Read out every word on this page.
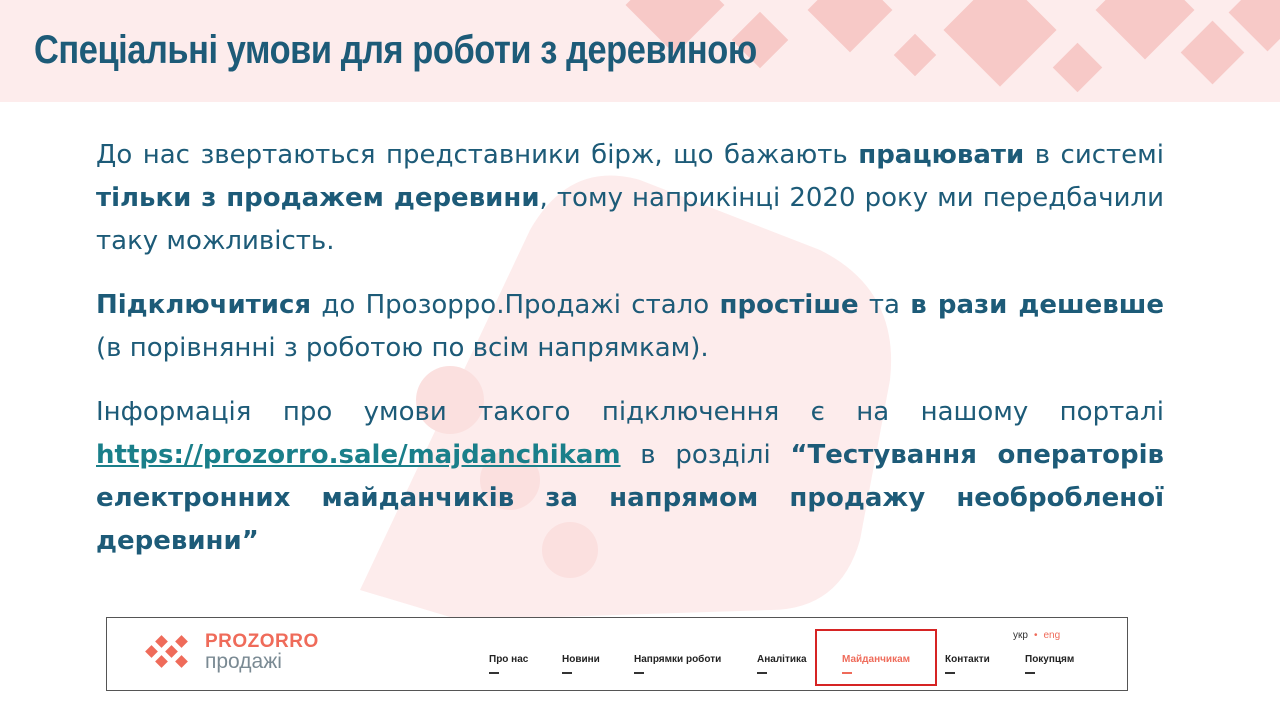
Спеціальні умови для роботи з деревиною

До нас звертаються представники бірж, що бажають працювати в системі тільки з продажем деревини, тому наприкінці 2020 року ми передбачили таку можливість.

Підключитися до Прозорро.Продажі стало простіше та в рази дешевше (в порівнянні з роботою по всім напрямкам).

Інформація про умови такого підключення є на нашому порталі https://prozorro.sale/majdanchikam в розділі “Тестування операторів електронних майданчиків за напрямом продажу необробленої деревини”

PROZORRO
продажі
укр • eng
Про нас	Новини	Напрямки роботи	Аналітика	Майданчикам	Контакти	Покупцям
